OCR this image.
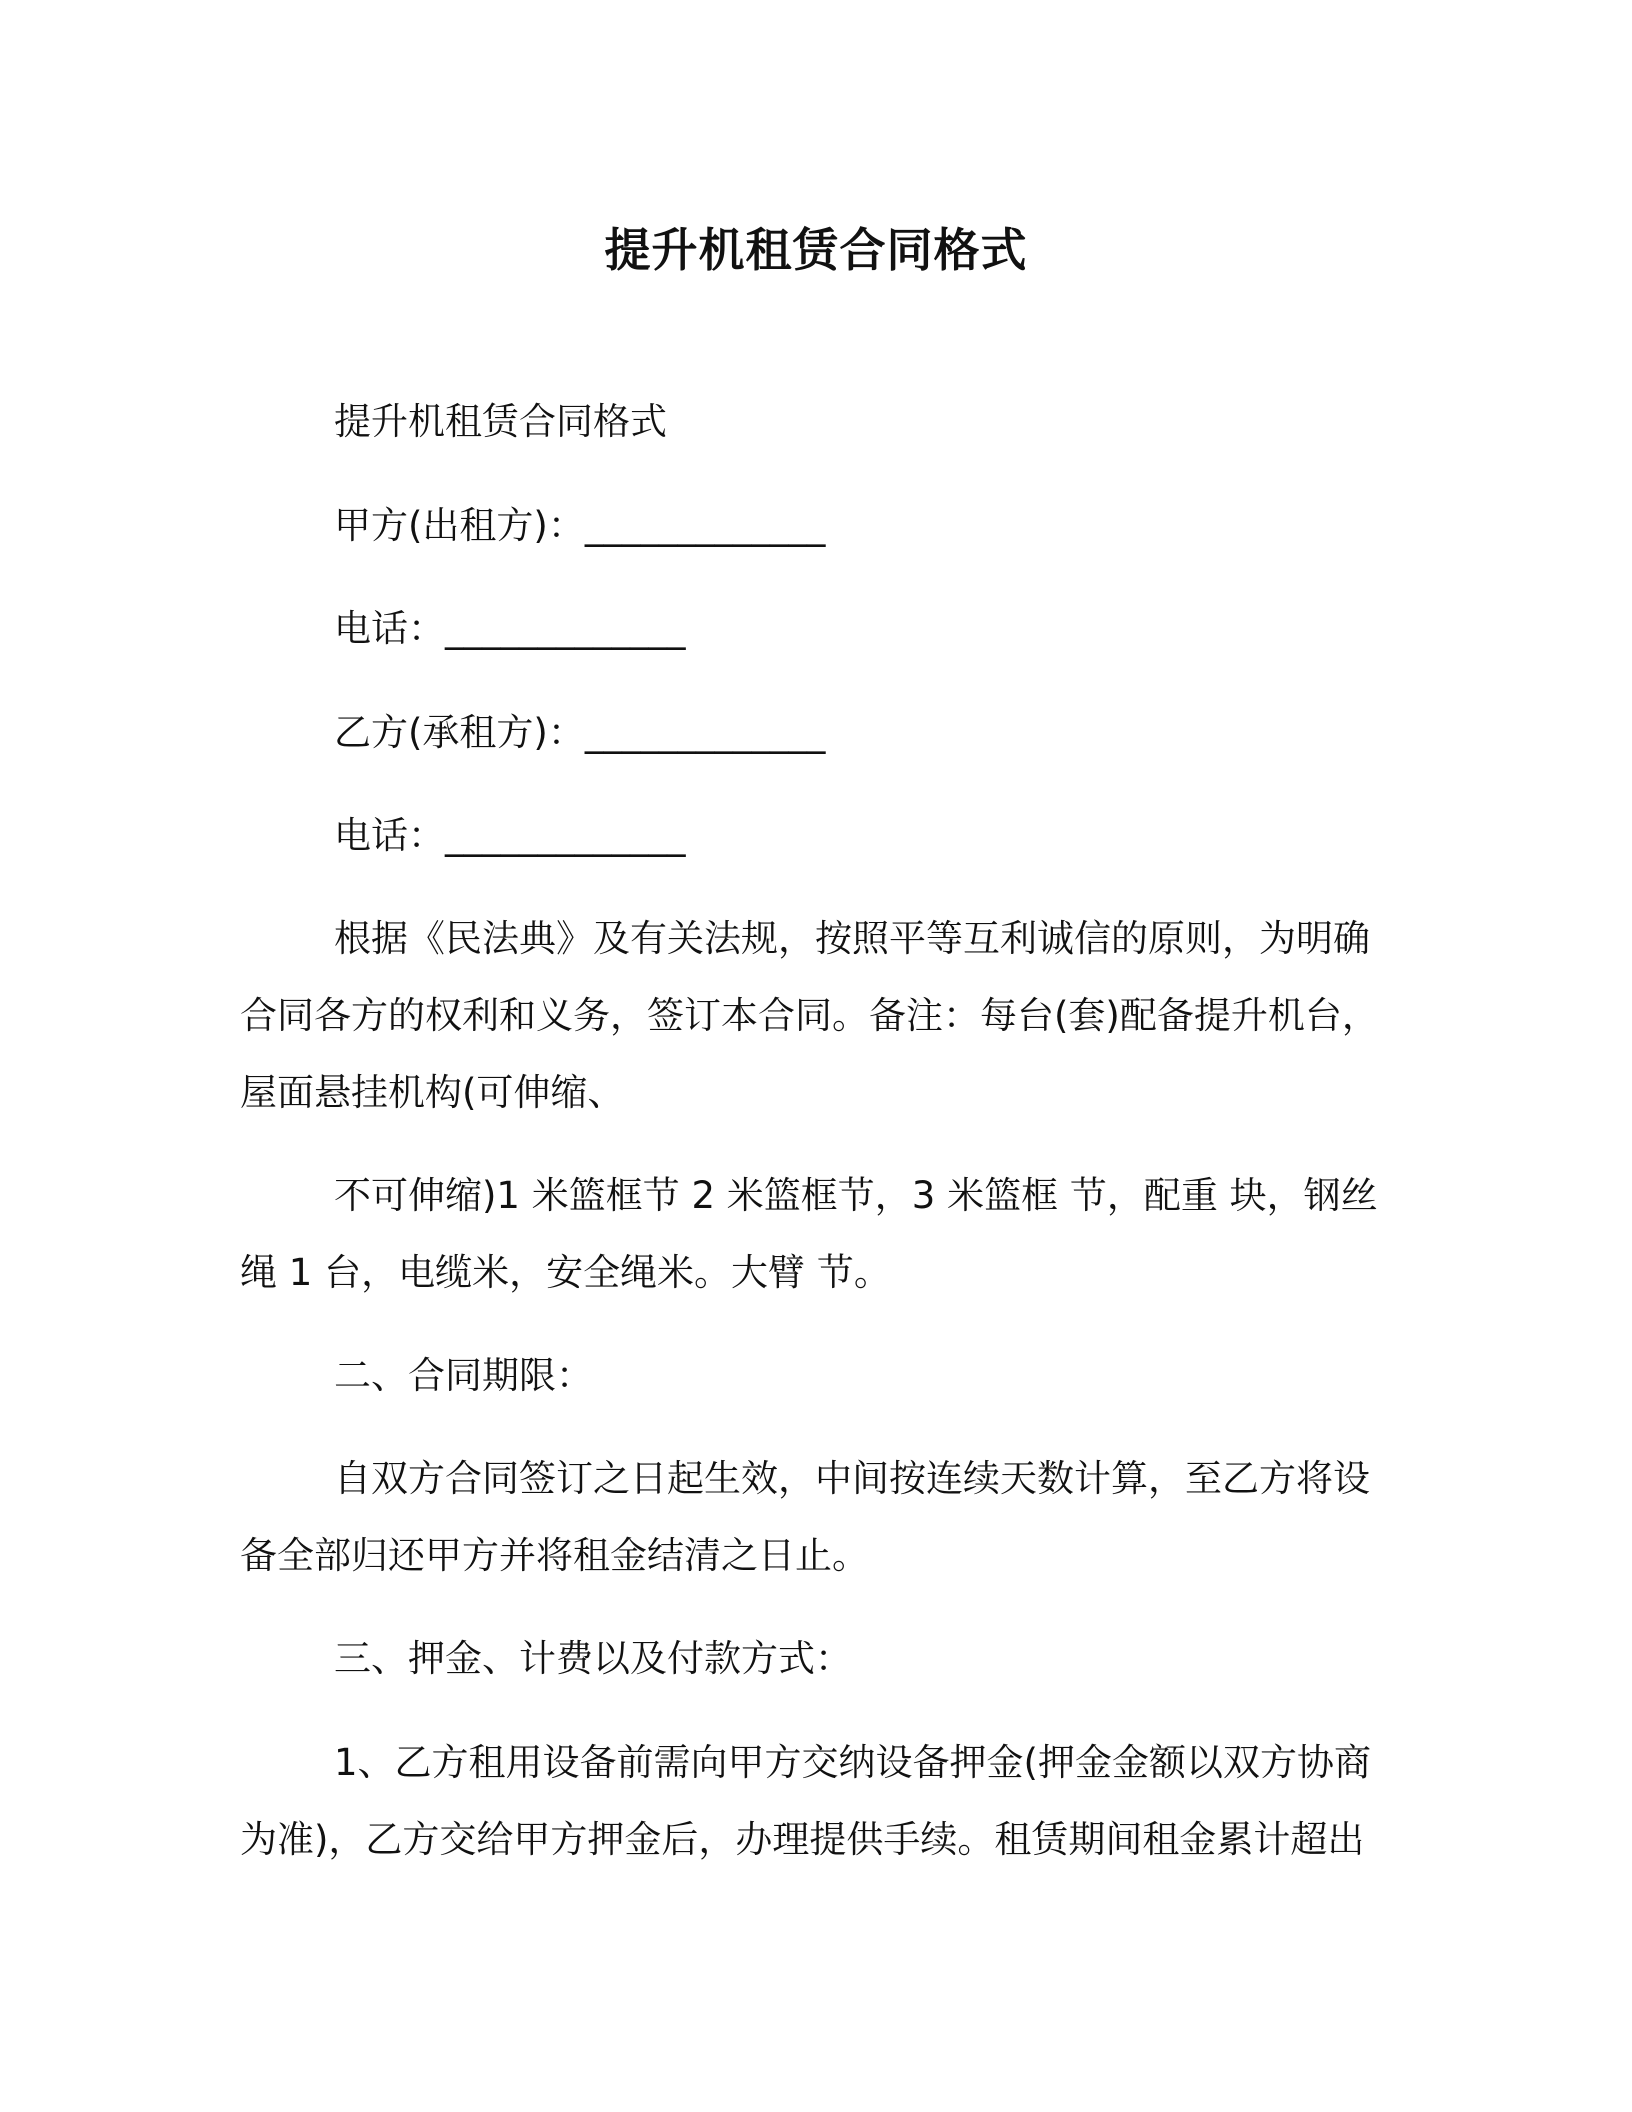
提升机租赁合同格式
提升机租赁合同格式
甲方(出租方)：_____________
电话：_____________
乙方(承租方)：_____________
电话：_____________
根据《民法典》及有关法规，按照平等互利诚信的原则，为明确
合同各方的权利和义务，签订本合同。备注：每台(套)配备提升机台，
屋面悬挂机构(可伸缩、
不可伸缩)1 米篮框节 2 米篮框节，3 米篮框 节，配重 块，钢丝
绳 1 台，电缆米，安全绳米。大臂 节。
二、合同期限：
自双方合同签订之日起生效，中间按连续天数计算，至乙方将设
备全部归还甲方并将租金结清之日止。
三、押金、计费以及付款方式：
1、乙方租用设备前需向甲方交纳设备押金(押金金额以双方协商
为准)，乙方交给甲方押金后，办理提供手续。租赁期间租金累计超出
